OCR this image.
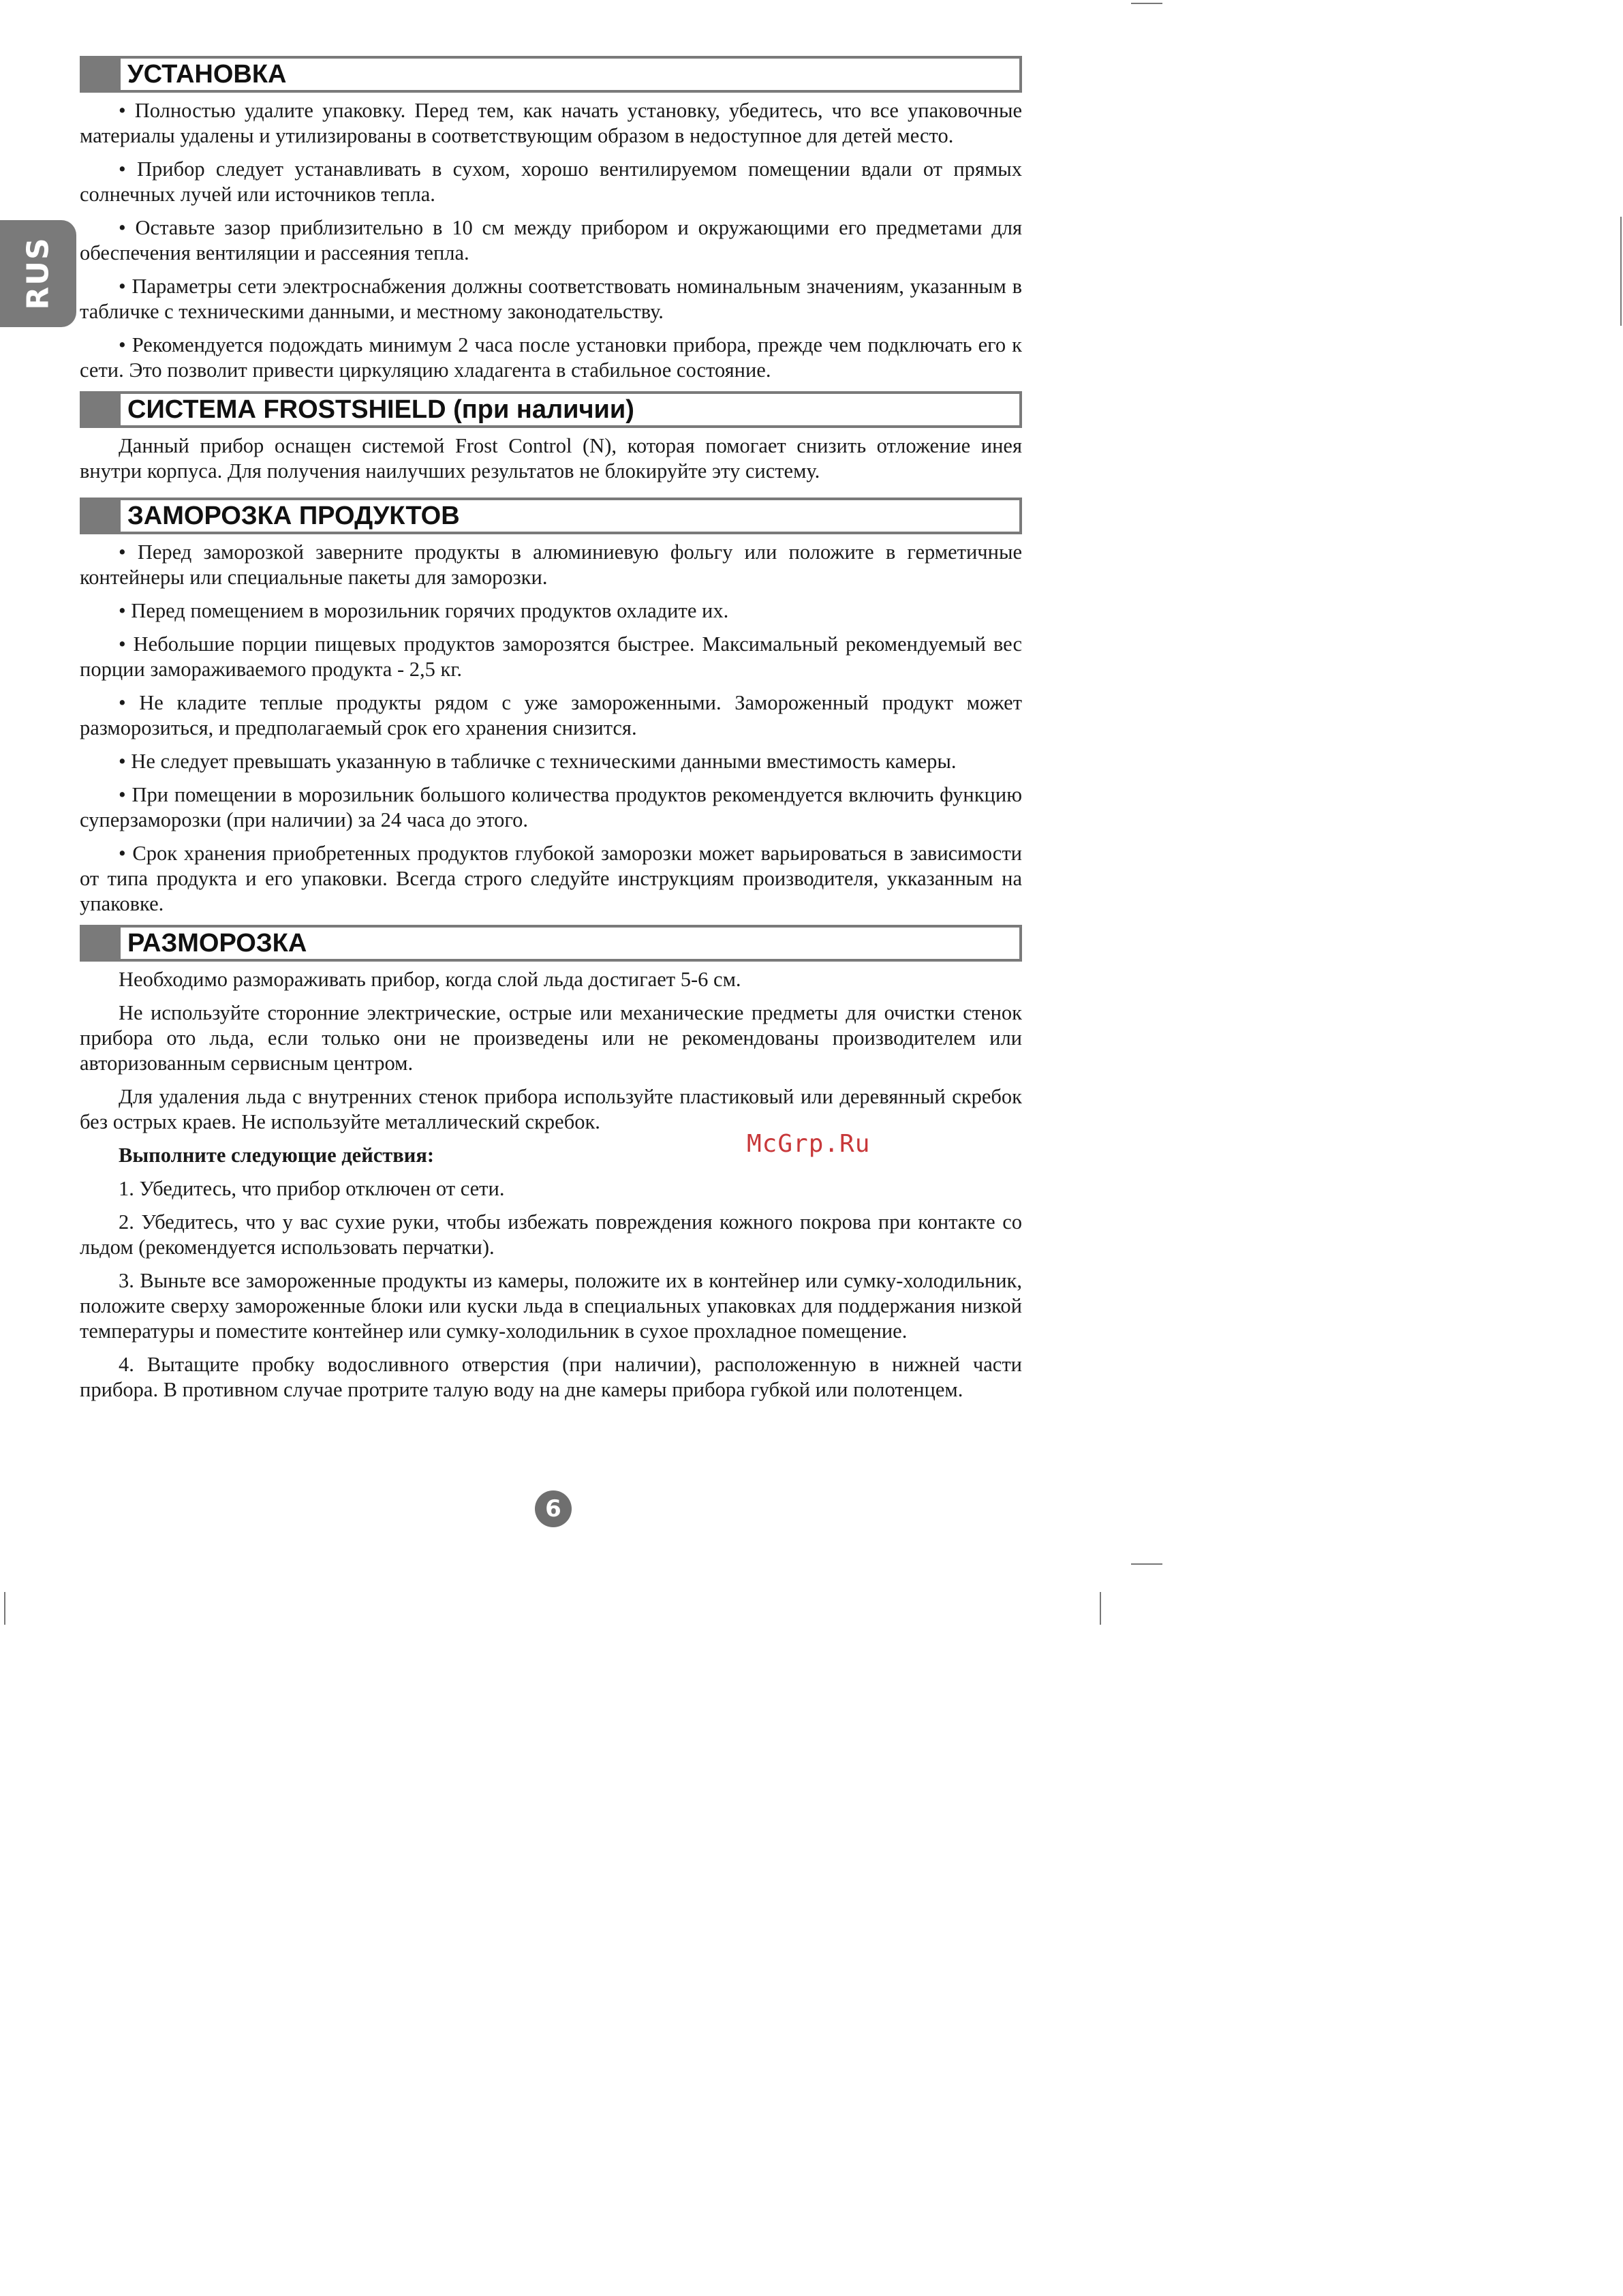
RUS
УСТАНОВКА

• Полностью удалите упаковку. Перед тем, как начать установку, убедитесь, что все упаковочные материалы удалены и утилизированы в соответствующим образом в недоступное для детей место.

• Прибор следует устанавливать в сухом, хорошо вентилируемом помещении вдали от прямых солнечных лучей или источников тепла.

• Оставьте зазор приблизительно в 10 см между прибором и окружающими его предметами для обеспечения вентиляции и рассеяния тепла.

• Параметры сети электроснабжения должны соответствовать номинальным значениям, указанным в табличке с техническими данными, и местному законодательству.

• Рекомендуется подождать минимум 2 часа после установки прибора, прежде чем подключать его к сети. Это позволит привести циркуляцию хладагента в стабильное состояние.

СИСТЕМА FROSTSHIELD (при наличии)

Данный прибор оснащен системой Frost Control (N), которая помогает снизить отложение инея внутри корпуса. Для получения наилучших результатов не блокируйте эту систему.

ЗАМОРОЗКА ПРОДУКТОВ

• Перед заморозкой заверните продукты в алюминиевую фольгу или положите в герметичные контейнеры или специальные пакеты для заморозки.

• Перед помещением в морозильник горячих продуктов охладите их.

• Небольшие порции пищевых продуктов заморозятся быстрее. Максимальный рекомендуемый вес порции замораживаемого продукта - 2,5 кг.

• Не кладите теплые продукты рядом с уже замороженными. Замороженный продукт может разморозиться, и предполагаемый срок его хранения снизится.

• Не следует превышать указанную в табличке с техническими данными вместимость камеры.

• При помещении в морозильник большого количества продуктов рекомендуется включить функцию суперзаморозки (при наличии) за 24 часа до этого.

• Срок хранения приобретенных продуктов глубокой заморозки может варьироваться в зависимости от типа продукта и его упаковки. Всегда строго следуйте инструкциям производителя, укказанным на упаковке.

РАЗМОРОЗКА

Необходимо размораживать прибор, когда слой льда достигает 5-6 см.

Не используйте сторонние электрические, острые или механические предметы для очистки стенок прибора ото льда, если только они не произведены или не рекомендованы производителем или авторизованным сервисным центром.

Для удаления льда с внутренних стенок прибора используйте пластиковый или деревянный скребок без острых краев. Не используйте металлический скребок.

Выполните следующие действия:

1. Убедитесь, что прибор отключен от сети.

2. Убедитесь, что у вас сухие руки, чтобы избежать повреждения кожного покрова при контакте со льдом (рекомендуется использовать перчатки).

3. Выньте все замороженные продукты из камеры, положите их в контейнер или сумку-холодильник, положите сверху замороженные блоки или куски льда в специальных упаковках для поддержания низкой температуры и поместите контейнер или сумку-холодильник в сухое прохладное помещение.

4. Вытащите пробку водосливного отверстия (при наличии), расположенную в нижней части прибора. В противном случае протрите талую воду на дне камеры прибора губкой или полотенцем.

McGrp.Ru
6
